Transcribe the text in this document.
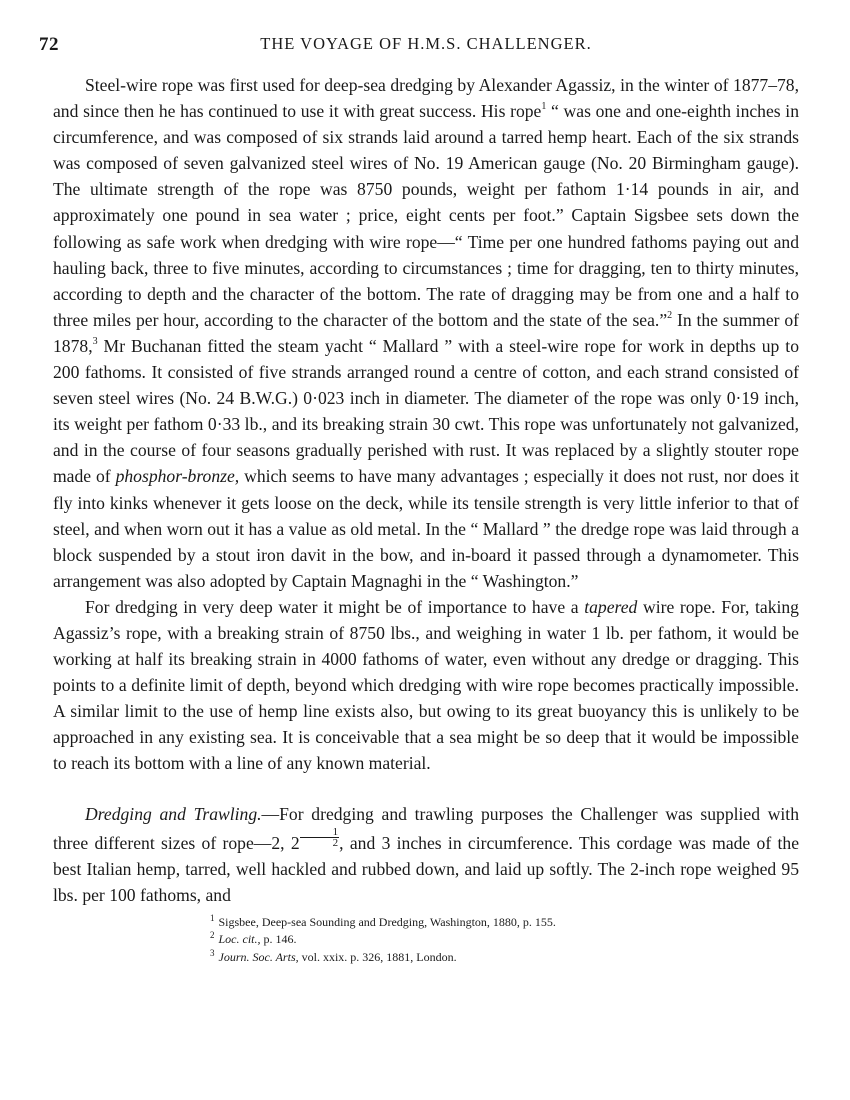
72	THE VOYAGE OF H.M.S. CHALLENGER.

Steel-wire rope was first used for deep-sea dredging by Alexander Agassiz, in the winter of 1877–78, and since then he has continued to use it with great success. His rope$^1$ “ was one and one-eighth inches in circumference, and was composed of six strands laid around a tarred hemp heart. Each of the six strands was composed of seven galvanized steel wires of No. 19 American gauge (No. 20 Birmingham gauge). The ultimate strength of the rope was 8750 pounds, weight per fathom 1·14 pounds in air, and approximately one pound in sea water ; price, eight cents per foot.” Captain Sigsbee sets down the following as safe work when dredging with wire rope—“ Time per one hundred fathoms paying out and hauling back, three to five minutes, according to circumstances ; time for dragging, ten to thirty minutes, according to depth and the character of the bottom. The rate of dragging may be from one and a half to three miles per hour, according to the character of the bottom and the state of the sea.”$^2$ In the summer of 1878,$^3$ Mr Buchanan fitted the steam yacht “ Mallard ” with a steel-wire rope for work in depths up to 200 fathoms. It consisted of five strands arranged round a centre of cotton, and each strand consisted of seven steel wires (No. 24 B.W.G.) 0·023 inch in diameter. The diameter of the rope was only 0·19 inch, its weight per fathom 0·33 lb., and its breaking strain 30 cwt. This rope was unfortunately not galvanized, and in the course of four seasons gradually perished with rust. It was replaced by a slightly stouter rope made of phosphor-bronze, which seems to have many advantages ; especially it does not rust, nor does it fly into kinks whenever it gets loose on the deck, while its tensile strength is very little inferior to that of steel, and when worn out it has a value as old metal. In the “ Mallard ” the dredge rope was laid through a block suspended by a stout iron davit in the bow, and in-board it passed through a dynamometer. This arrangement was also adopted by Captain Magnaghi in the “ Washington.”

For dredging in very deep water it might be of importance to have a tapered wire rope. For, taking Agassiz’s rope, with a breaking strain of 8750 lbs., and weighing in water 1 lb. per fathom, it would be working at half its breaking strain in 4000 fathoms of water, even without any dredge or dragging. This points to a definite limit of depth, beyond which dredging with wire rope becomes practically impossible. A similar limit to the use of hemp line exists also, but owing to its great buoyancy this is unlikely to be approached in any existing sea. It is conceivable that a sea might be so deep that it would be impossible to reach its bottom with a line of any known material.

Dredging and Trawling.—For dredging and trawling purposes the Challenger was supplied with three different sizes of rope—2, $2 \frac{1}{2}$ , and 3 inches in circumference. This cordage was made of the best Italian hemp, tarred, well hackled and rubbed down, and laid up softly. The 2-inch rope weighed 95 lbs. per 100 fathoms, and

$^1$ Sigsbee, Deep-sea Sounding and Dredging, Washington, 1880, p. 155.
$^2$ Loc. cit., p. 146.
$^3$ Journ. Soc. Arts, vol. xxix. p. 326, 1881, London.
